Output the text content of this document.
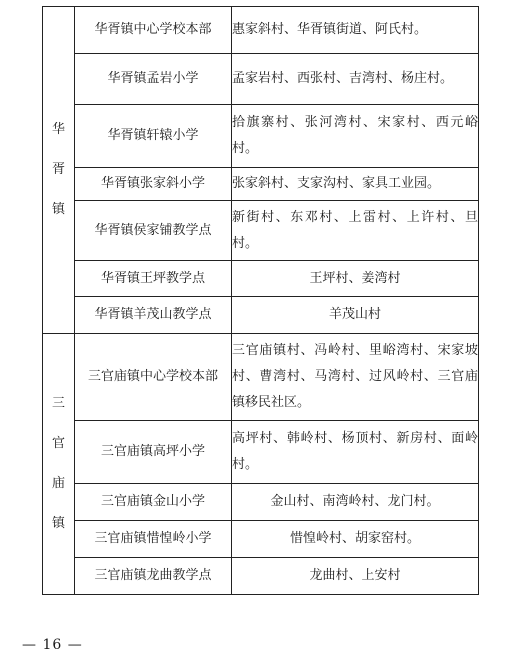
华
胥
镇	华胥镇中心学校本部	惠家斜村、华胥镇街道、阿氏村。
	华胥镇孟岩小学	孟家岩村、西张村、吉湾村、杨庄村。
	华胥镇轩辕小学	拾旗寨村、张河湾村、宋家村、西元峪村。
	华胥镇张家斜小学	张家斜村、支家沟村、家具工业园。
	华胥镇侯家铺教学点	新街村、东邓村、上雷村、上许村、旦村。
	华胥镇王坪教学点	王坪村、姜湾村
	华胥镇羊茂山教学点	羊茂山村

三
官
庙
镇	三官庙镇中心学校本部	三官庙镇村、冯岭村、里峪湾村、宋家坡村、曹湾村、马湾村、过风岭村、三官庙镇移民社区。
	三官庙镇高坪小学	高坪村、韩岭村、杨顶村、新房村、面岭村。
	三官庙镇金山小学	金山村、南湾岭村、龙门村。
	三官庙镇惜惶岭小学	惜惶岭村、胡家窑村。
	三官庙镇龙曲教学点	龙曲村、上安村
— 16 —
